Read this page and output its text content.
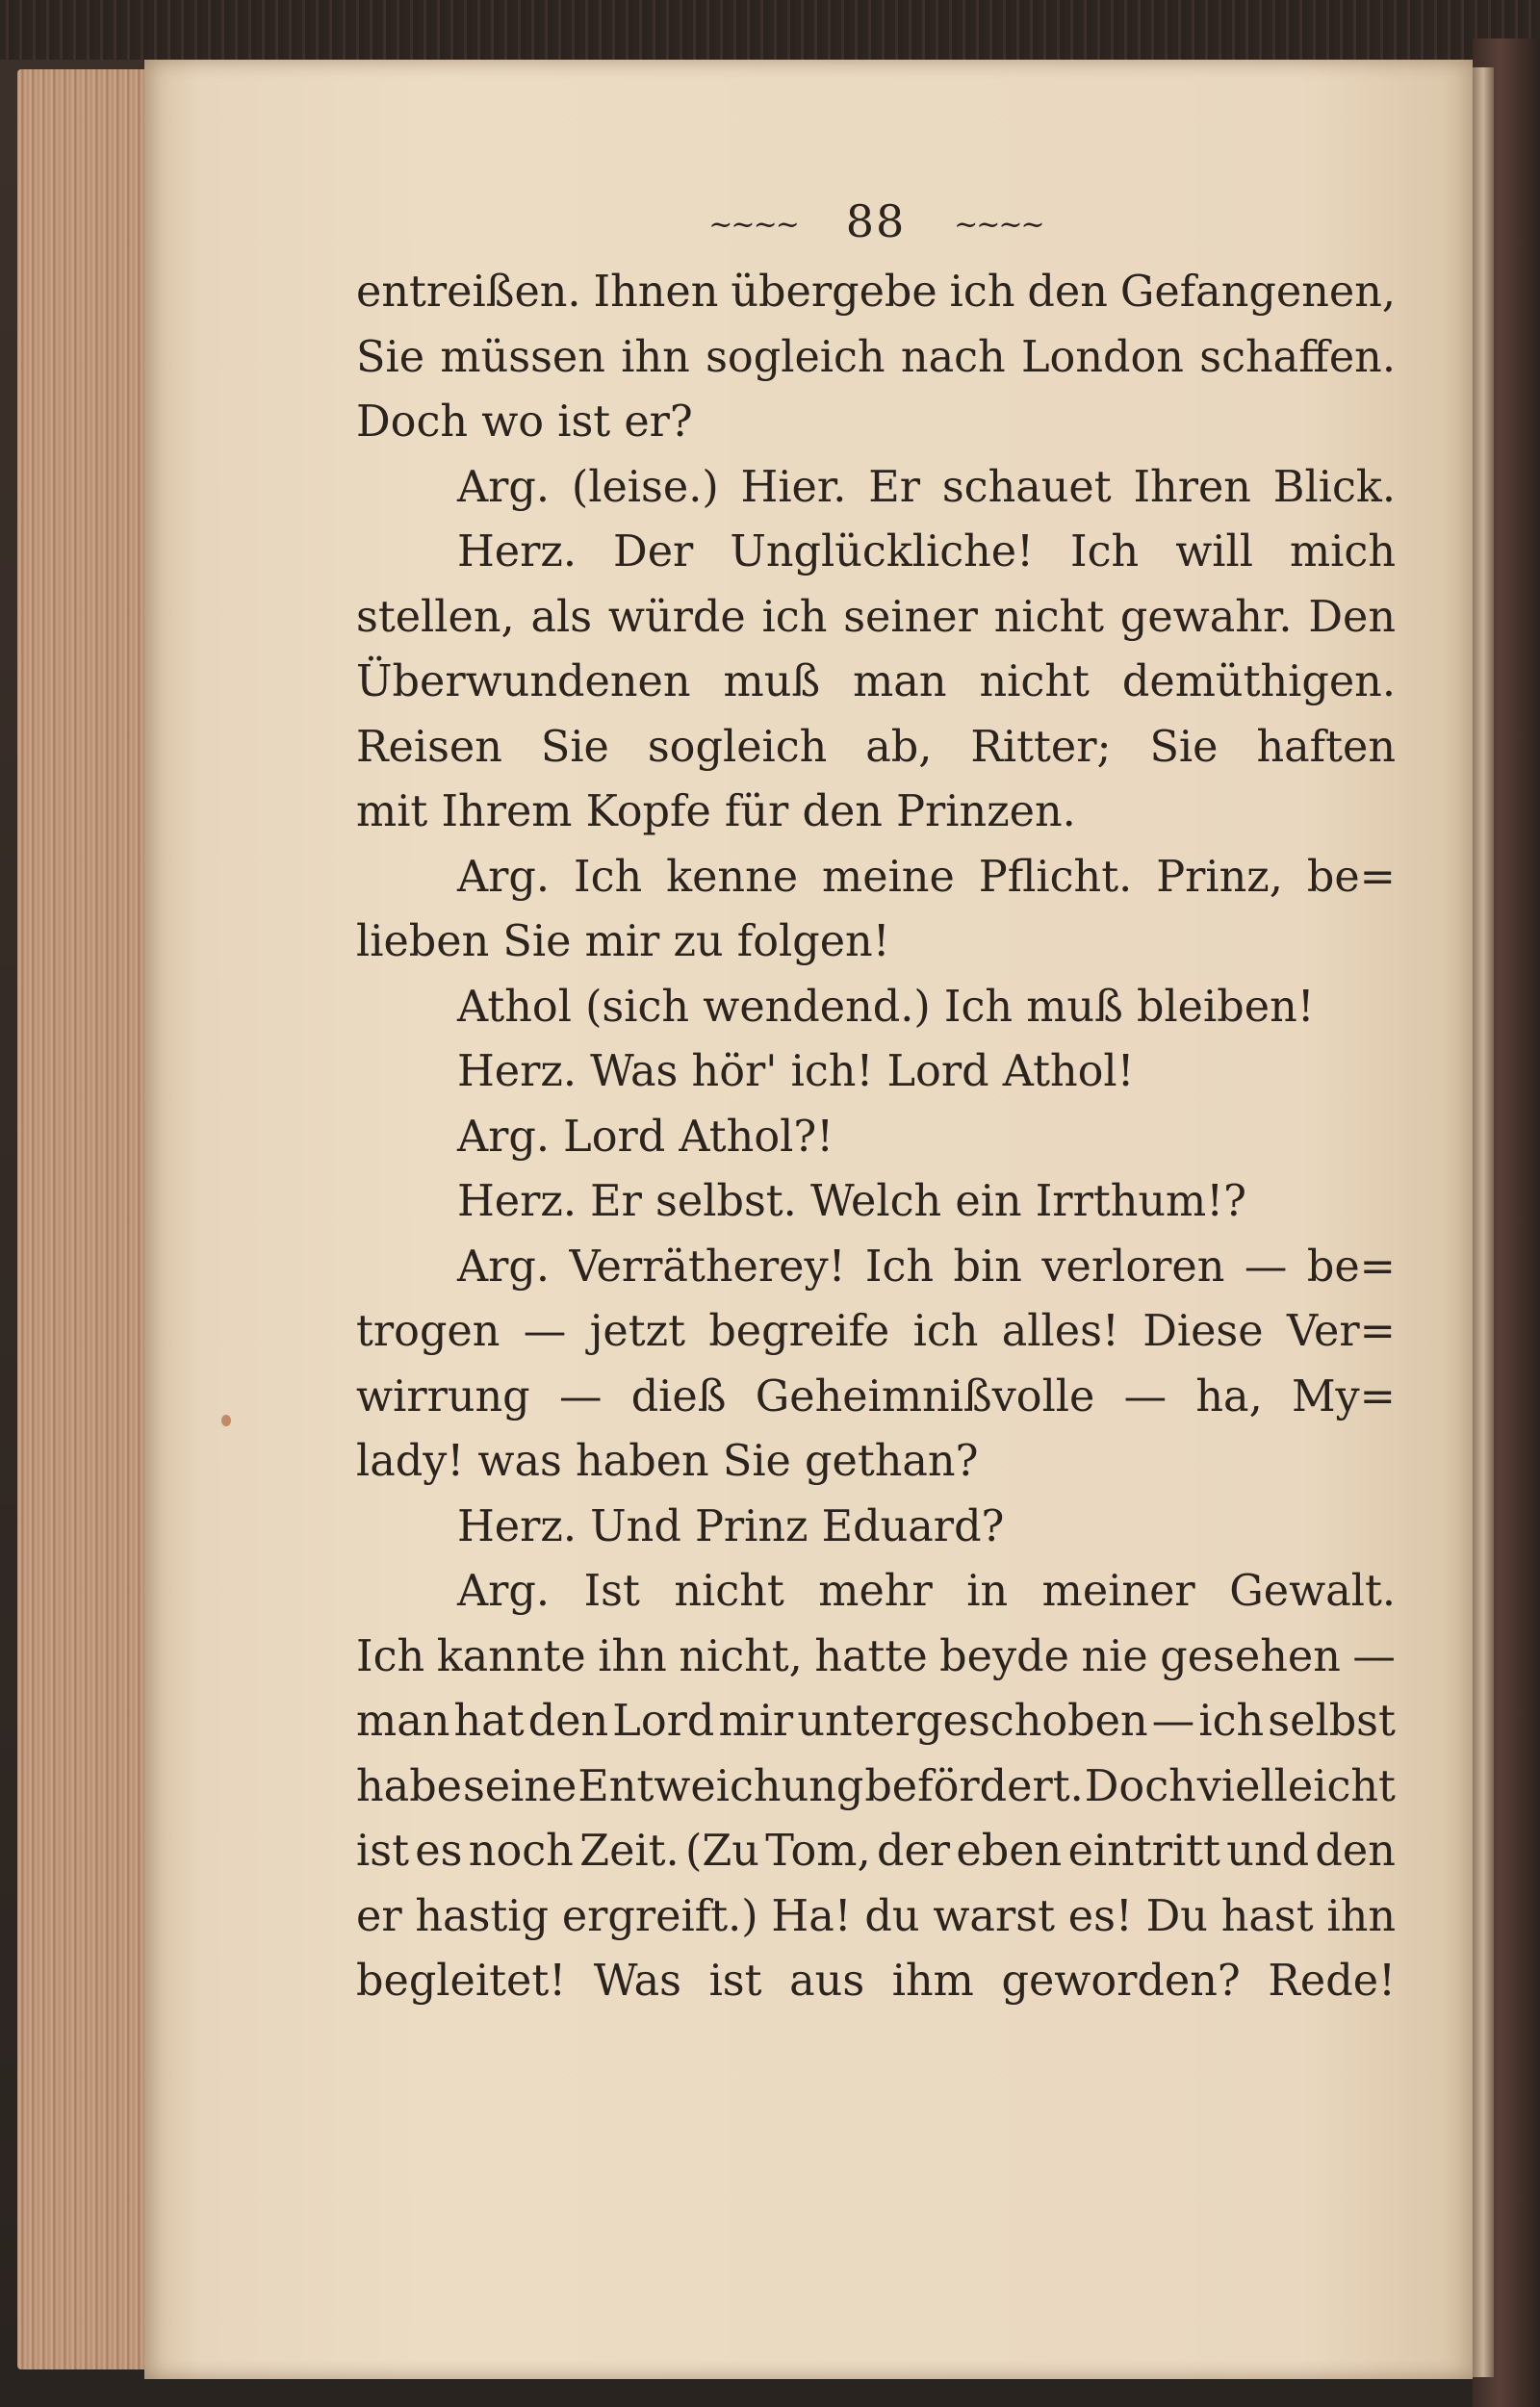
~~~~ 88 ~~~~
entreißen. Ihnen übergebe ich den Gefangenen,
Sie müssen ihn sogleich nach London schaffen.
Doch wo ist er?
Arg. (leise.) Hier. Er schauet Ihren Blick.
Herz. Der Unglückliche! Ich will mich
stellen, als würde ich seiner nicht gewahr. Den
Überwundenen muß man nicht demüthigen.
Reisen Sie sogleich ab, Ritter; Sie haften
mit Ihrem Kopfe für den Prinzen.
Arg. Ich kenne meine Pflicht. Prinz, be=
lieben Sie mir zu folgen!
Athol (sich wendend.) Ich muß bleiben!
Herz. Was hör' ich! Lord Athol!
Arg. Lord Athol?!
Herz. Er selbst. Welch ein Irrthum!?
Arg. Verrätherey! Ich bin verloren — be=
trogen — jetzt begreife ich alles! Diese Ver=
wirrung — dieß Geheimnißvolle — ha, My=
lady! was haben Sie gethan?
Herz. Und Prinz Eduard?
Arg. Ist nicht mehr in meiner Gewalt.
Ich kannte ihn nicht, hatte beyde nie gesehen —
man hat den Lord mir untergeschoben — ich selbst
habe seine Entweichung befördert. Doch vielleicht
ist es noch Zeit. (Zu Tom, der eben eintritt und den
er hastig ergreift.) Ha! du warst es! Du hast ihn
begleitet! Was ist aus ihm geworden? Rede!
